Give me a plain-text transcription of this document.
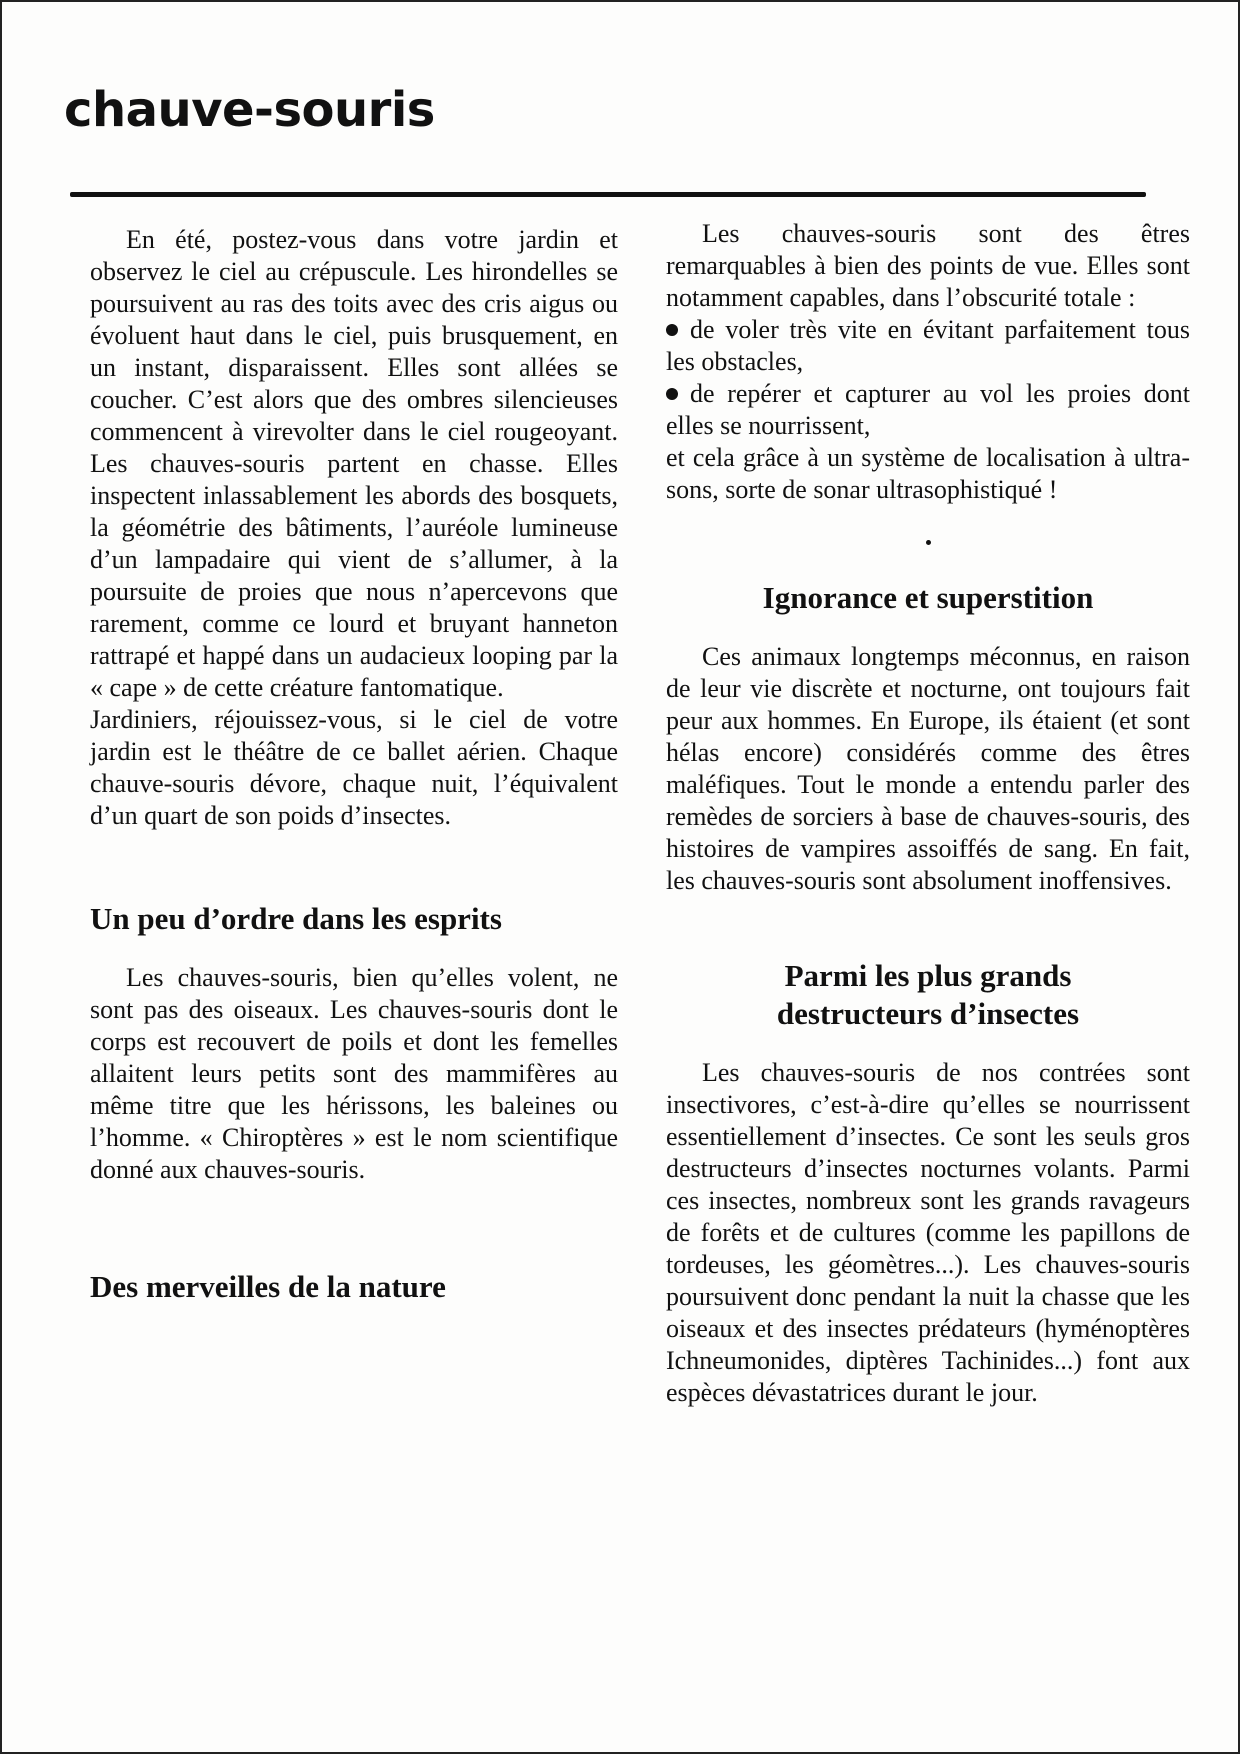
chauve-souris

En été, postez-vous dans votre jardin et observez le ciel au crépuscule. Les hirondelles se poursuivent au ras des toits avec des cris aigus ou évoluent haut dans le ciel, puis brusquement, en un instant, disparaissent. Elles sont allées se coucher. C’est alors que des ombres silencieuses commencent à virevolter dans le ciel rougeoyant. Les chauves-souris partent en chasse. Elles inspectent inlassablement les abords des bosquets, la géométrie des bâtiments, l’auréole lumineuse d’un lampadaire qui vient de s’allumer, à la poursuite de proies que nous n’apercevons que rarement, comme ce lourd et bruyant hanneton rattrapé et happé dans un audacieux looping par la « cape » de cette créature fantomatique.

Jardiniers, réjouissez-vous, si le ciel de votre jardin est le théâtre de ce ballet aérien. Chaque chauve-souris dévore, chaque nuit, l’équivalent d’un quart de son poids d’insectes.

Un peu d’ordre dans les esprits

Les chauves-souris, bien qu’elles volent, ne sont pas des oiseaux. Les chauves-souris dont le corps est recouvert de poils et dont les femelles allaitent leurs petits sont des mammifères au même titre que les hérissons, les baleines ou l’homme. « Chiroptères » est le nom scientifique donné aux chauves-souris.

Des merveilles de la nature

Les chauves-souris sont des êtres remarquables à bien des points de vue. Elles sont notamment capables, dans l’obscurité totale :

de voler très vite en évitant parfaitement tous les obstacles,
de repérer et capturer au vol les proies dont elles se nourrissent,

et cela grâce à un système de localisation à ultra-sons, sorte de sonar ultrasophistiqué !

Ignorance et superstition

Ces animaux longtemps méconnus, en raison de leur vie discrète et nocturne, ont toujours fait peur aux hommes. En Europe, ils étaient (et sont hélas encore) considérés comme des êtres maléfiques. Tout le monde a entendu parler des remèdes de sorciers à base de chauves-souris, des histoires de vampires assoiffés de sang. En fait, les chauves-souris sont absolument inoffensives.

Parmi les plus grands
destructeurs d’insectes

Les chauves-souris de nos contrées sont insectivores, c’est-à-dire qu’elles se nourrissent essentiellement d’insectes. Ce sont les seuls gros destructeurs d’insectes nocturnes volants. Parmi ces insectes, nombreux sont les grands ravageurs de forêts et de cultures (comme les papillons de tordeuses, les géomètres...). Les chauves-souris poursuivent donc pendant la nuit la chasse que les oiseaux et des insectes prédateurs (hyménoptères Ichneumonides, diptères Tachinides...) font aux espèces dévastatrices durant le jour.
